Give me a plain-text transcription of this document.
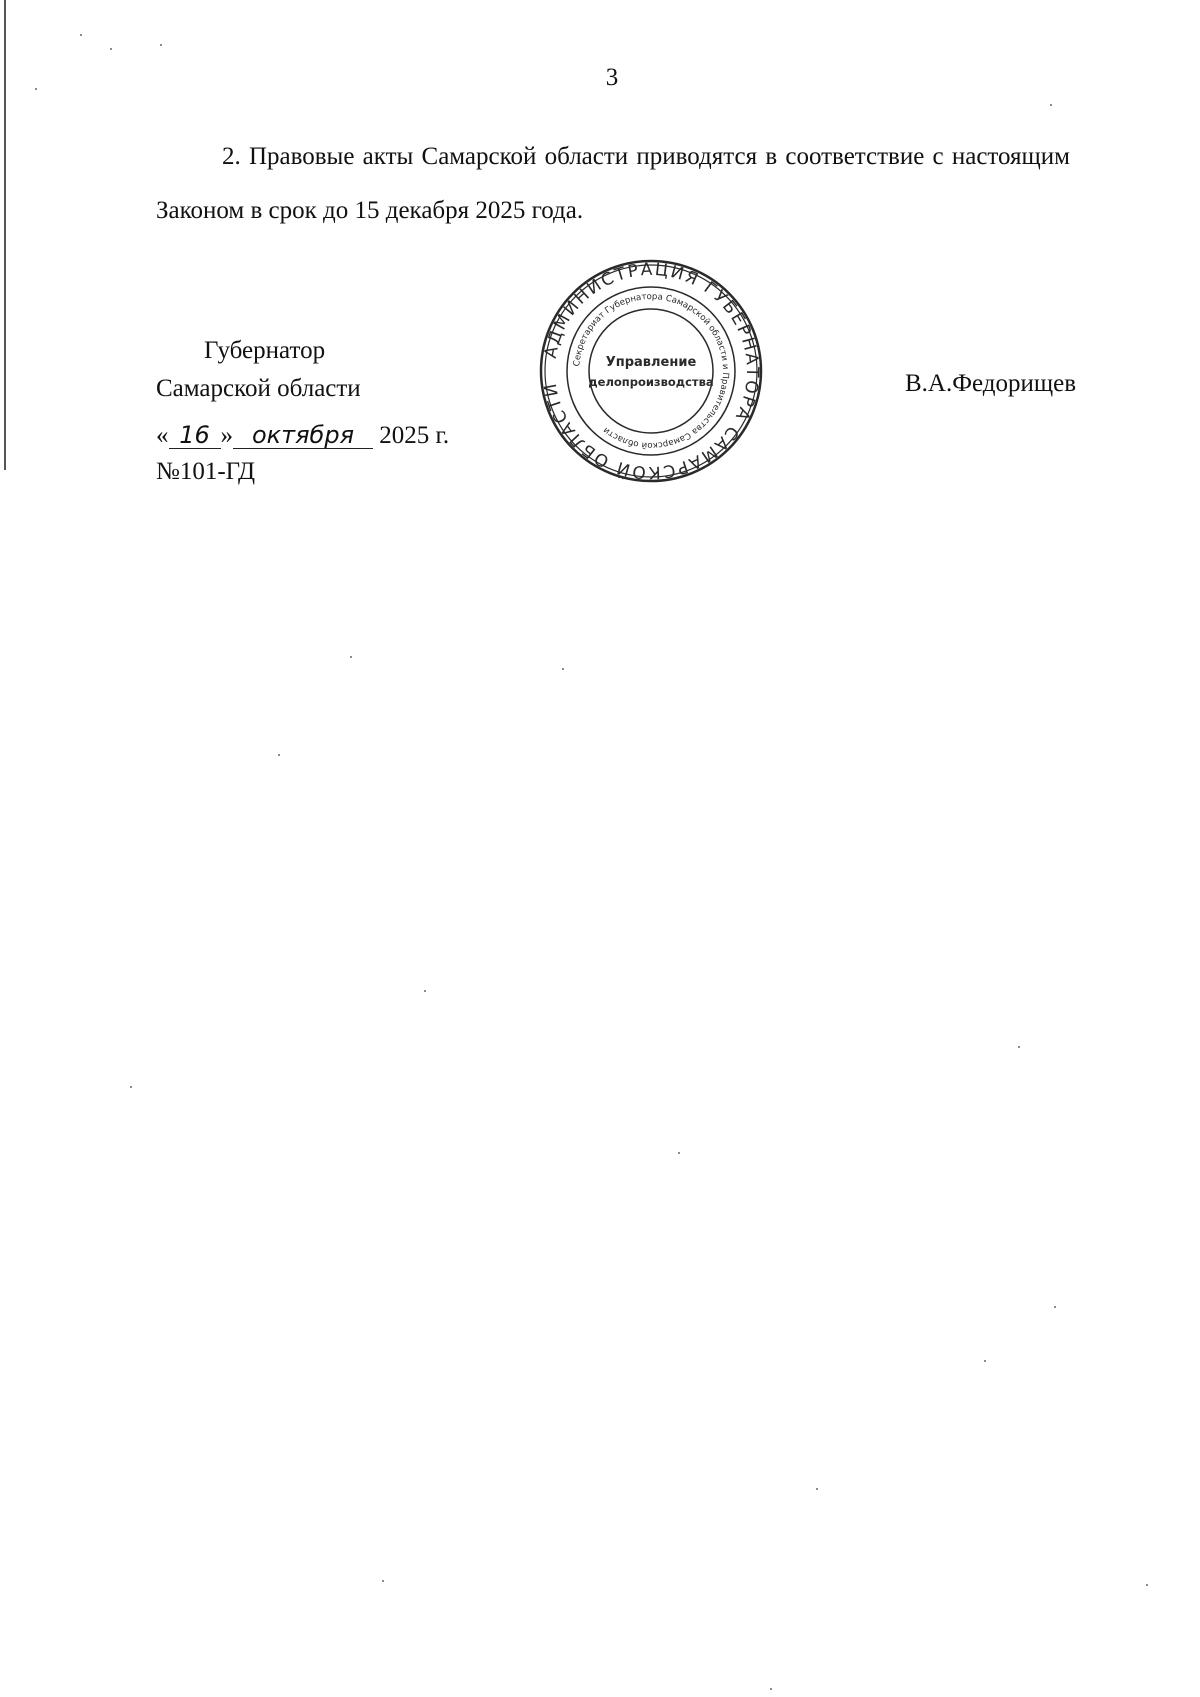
3
2. Правовые акты Самарской области приводятся в соответствие с настоящим Законом в срок до 15 декабря 2025 года.
Губернатор
Самарской области	В.А.Федорищев
« 16 » октября 2025 г.
№101-ГД
АДМИНИСТРАЦИЯ ГУБЕРНАТОРА САМАРСКОЙ ОБЛАСТИ
Секретариат Губернатора Самарской области и Правительства Самарской области
Управление
делопроизводства
